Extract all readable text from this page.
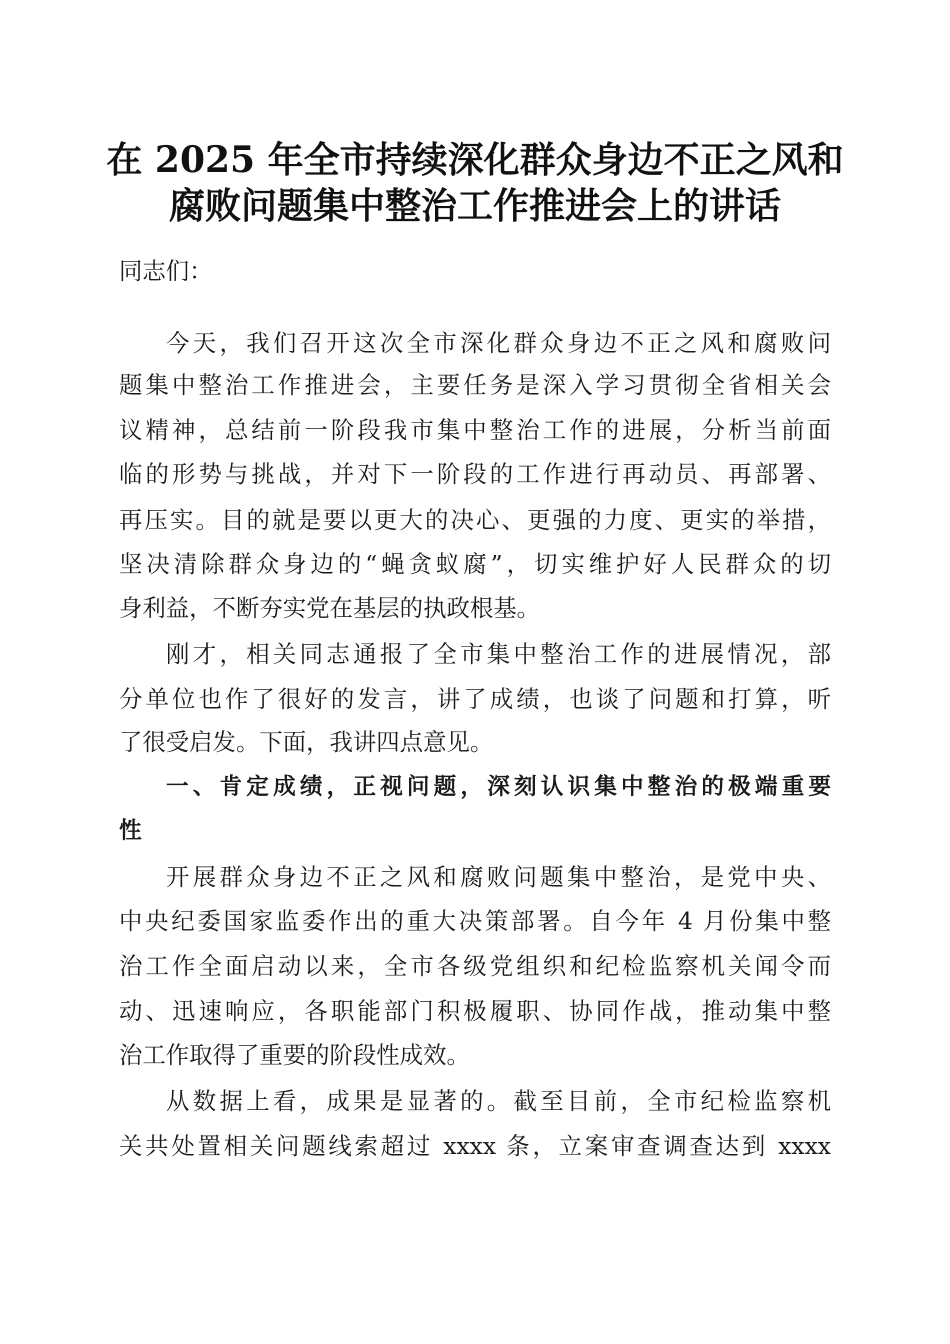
在 2025 年全市持续深化群众身边不正之风和
腐败问题集中整治工作推进会上的讲话
同志们：
今天，我们召开这次全市深化群众身边不正之风和腐败问
题集中整治工作推进会，主要任务是深入学习贯彻全省相关会
议精神，总结前一阶段我市集中整治工作的进展，分析当前面
临的形势与挑战，并对下一阶段的工作进行再动员、再部署、
再压实。目的就是要以更大的决心、更强的力度、更实的举措，
坚决清除群众身边的“蝇贪蚁腐”，切实维护好人民群众的切
身利益，不断夯实党在基层的执政根基。
刚才，相关同志通报了全市集中整治工作的进展情况，部
分单位也作了很好的发言，讲了成绩，也谈了问题和打算，听
了很受启发。下面，我讲四点意见。
一、肯定成绩，正视问题，深刻认识集中整治的极端重要
性
开展群众身边不正之风和腐败问题集中整治，是党中央、
中央纪委国家监委作出的重大决策部署。自今年 4 月份集中整
治工作全面启动以来，全市各级党组织和纪检监察机关闻令而
动、迅速响应，各职能部门积极履职、协同作战，推动集中整
治工作取得了重要的阶段性成效。
从数据上看，成果是显著的。截至目前，全市纪检监察机
关共处置相关问题线索超过 xxxx 条，立案审查调查达到 xxxx
